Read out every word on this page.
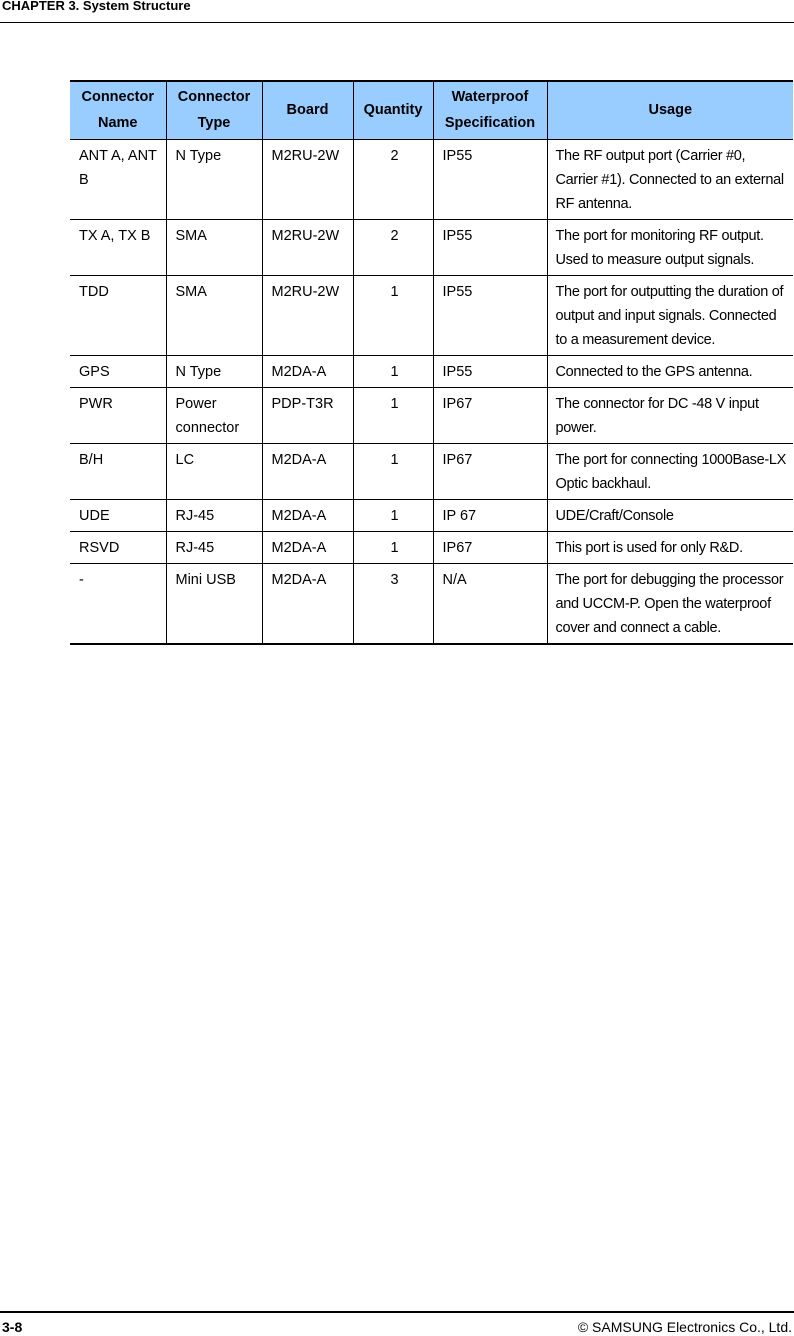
CHAPTER 3. System Structure
Connector Name	Connector Type	Board	Quantity	Waterproof Specification	Usage
ANT A, ANT B	N Type	M2RU-2W	2	IP55	The RF output port (Carrier #0, Carrier #1). Connected to an external RF antenna.
TX A, TX B	SMA	M2RU-2W	2	IP55	The port for monitoring RF output. Used to measure output signals.
TDD	SMA	M2RU-2W	1	IP55	The port for outputting the duration of output and input signals. Connected to a measurement device.
GPS	N Type	M2DA-A	1	IP55	Connected to the GPS antenna.
PWR	Power connector	PDP-T3R	1	IP67	The connector for DC -48 V input power.
B/H	LC	M2DA-A	1	IP67	The port for connecting 1000Base-LX Optic backhaul.
UDE	RJ-45	M2DA-A	1	IP 67	UDE/Craft/Console
RSVD	RJ-45	M2DA-A	1	IP67	This port is used for only R&D.
-	Mini USB	M2DA-A	3	N/A	The port for debugging the processor and UCCM-P. Open the waterproof cover and connect a cable.
3-8	© SAMSUNG Electronics Co., Ltd.
